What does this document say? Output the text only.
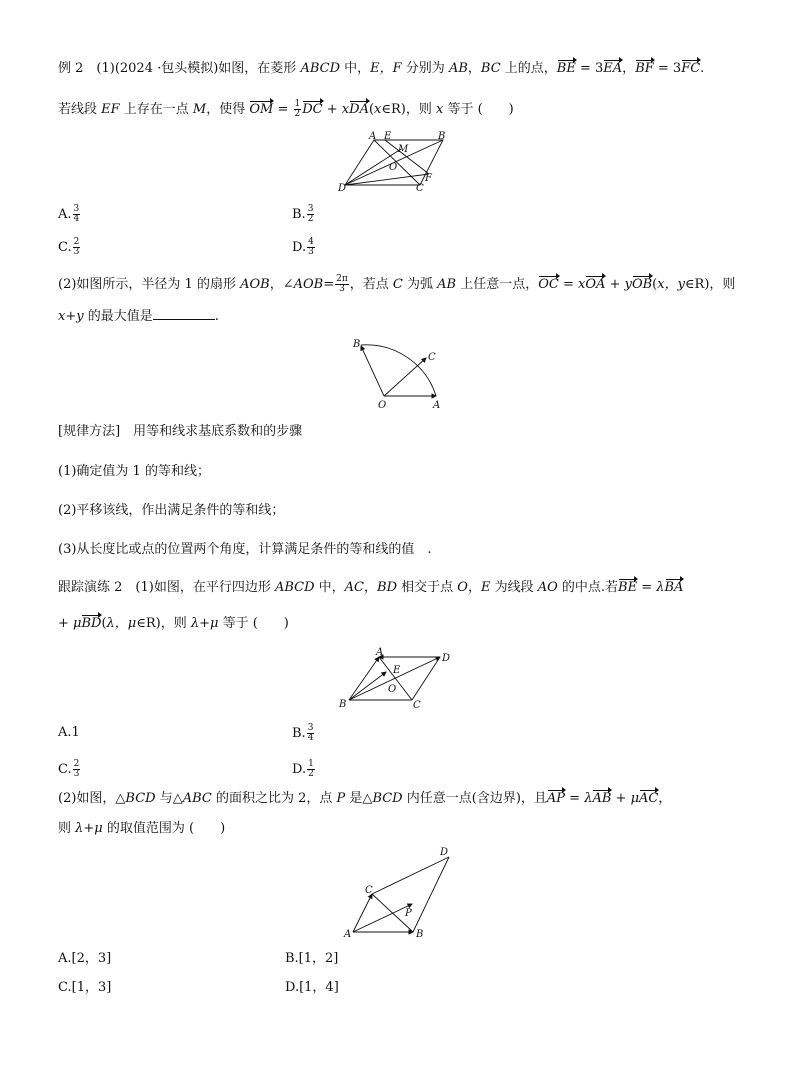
例 2　(1)(2024 ·包头模拟)如图，在菱形 ABCD 中，E，F 分别为 AB，BC 上的点，BE = 3EA，BF = 3FC.
若线段 EF 上存在一点 M，使得 OM = $\frac{1}{2}$ DC + xDA(x∈R)，则 x 等于 (　　)
A E	B
M
O
D	C
F
A. $\frac{3}{4}$	B. $\frac{3}{2}$
C. $\frac{2}{3}$	D. $\frac{4}{3}$
(2)如图所示，半径为 1 的扇形 AOB，∠AOB= $\frac{2\pi}{3}$ ，若点 C 为弧 AB 上任意一点，OC = xOA + yOB(x，y∈R)，则
x+y 的最大值是	.
B
C
O	A
[规律方法]　用等和线求基底系数和的步骤
(1)确定值为 1 的等和线；
(2)平移该线，作出满足条件的等和线；
(3)从长度比或点的位置两个角度，计算满足条件的等和线的值　.
跟踪演练 2　(1)如图，在平行四边形 ABCD 中，AC，BD 相交于点 O，E 为线段 AO 的中点.若BE = λBA
+ μBD(λ，μ∈R)，则 λ+μ 等于 (　　)
A
D
E
O
B	C
A.1	B. $\frac{3}{4}$
C. $\frac{2}{3}$	D. $\frac{1}{2}$
(2)如图，△BCD 与△ABC 的面积之比为 2，点 P 是△BCD 内任意一点(含边界)，且AP = λAB + μAC，
则 λ+μ 的取值范围为 (　　)
D
C
P
A	B
A.[2，3]	B.[1，2]
C.[1，3]	D.[1，4]
